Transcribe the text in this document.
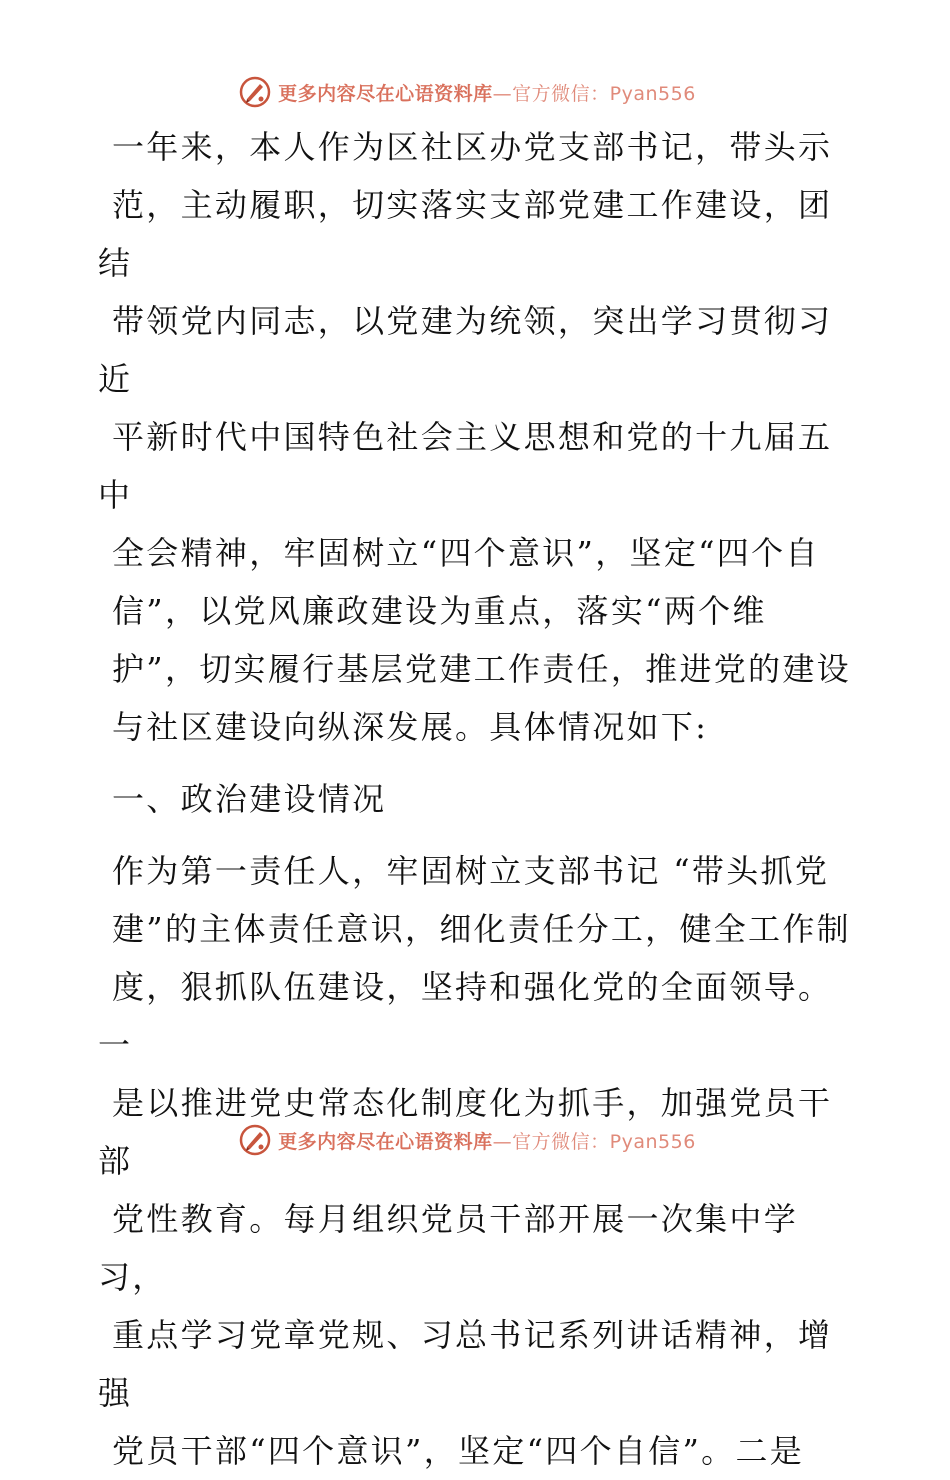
更多内容尽在心语资料库—官方微信：Pyan556
一年来，本人作为区社区办党支部书记，带头示
范，主动履职，切实落实支部党建工作建设，团结
带领党内同志，以党建为统领，突出学习贯彻习近
平新时代中国特色社会主义思想和党的十九届五中
全会精神，牢固树立“四个意识”，坚定“四个自
信”，以党风廉政建设为重点，落实“两个维
护”，切实履行基层党建工作责任，推进党的建设
与社区建设向纵深发展。具体情况如下:
一、政治建设情况
作为第一责任人，牢固树立支部书记 “带头抓党
建”的主体责任意识，细化责任分工，健全工作制
度，狠抓队伍建设，坚持和强化党的全面领导。一
是以推进党史常态化制度化为抓手，加强党员干部
党性教育。每月组织党员干部开展一次集中学习，
重点学习党章党规、习总书记系列讲话精神，增强
党员干部“四个意识”，坚定“四个自信”。二是
更多内容尽在心语资料库—官方微信：Pyan556
